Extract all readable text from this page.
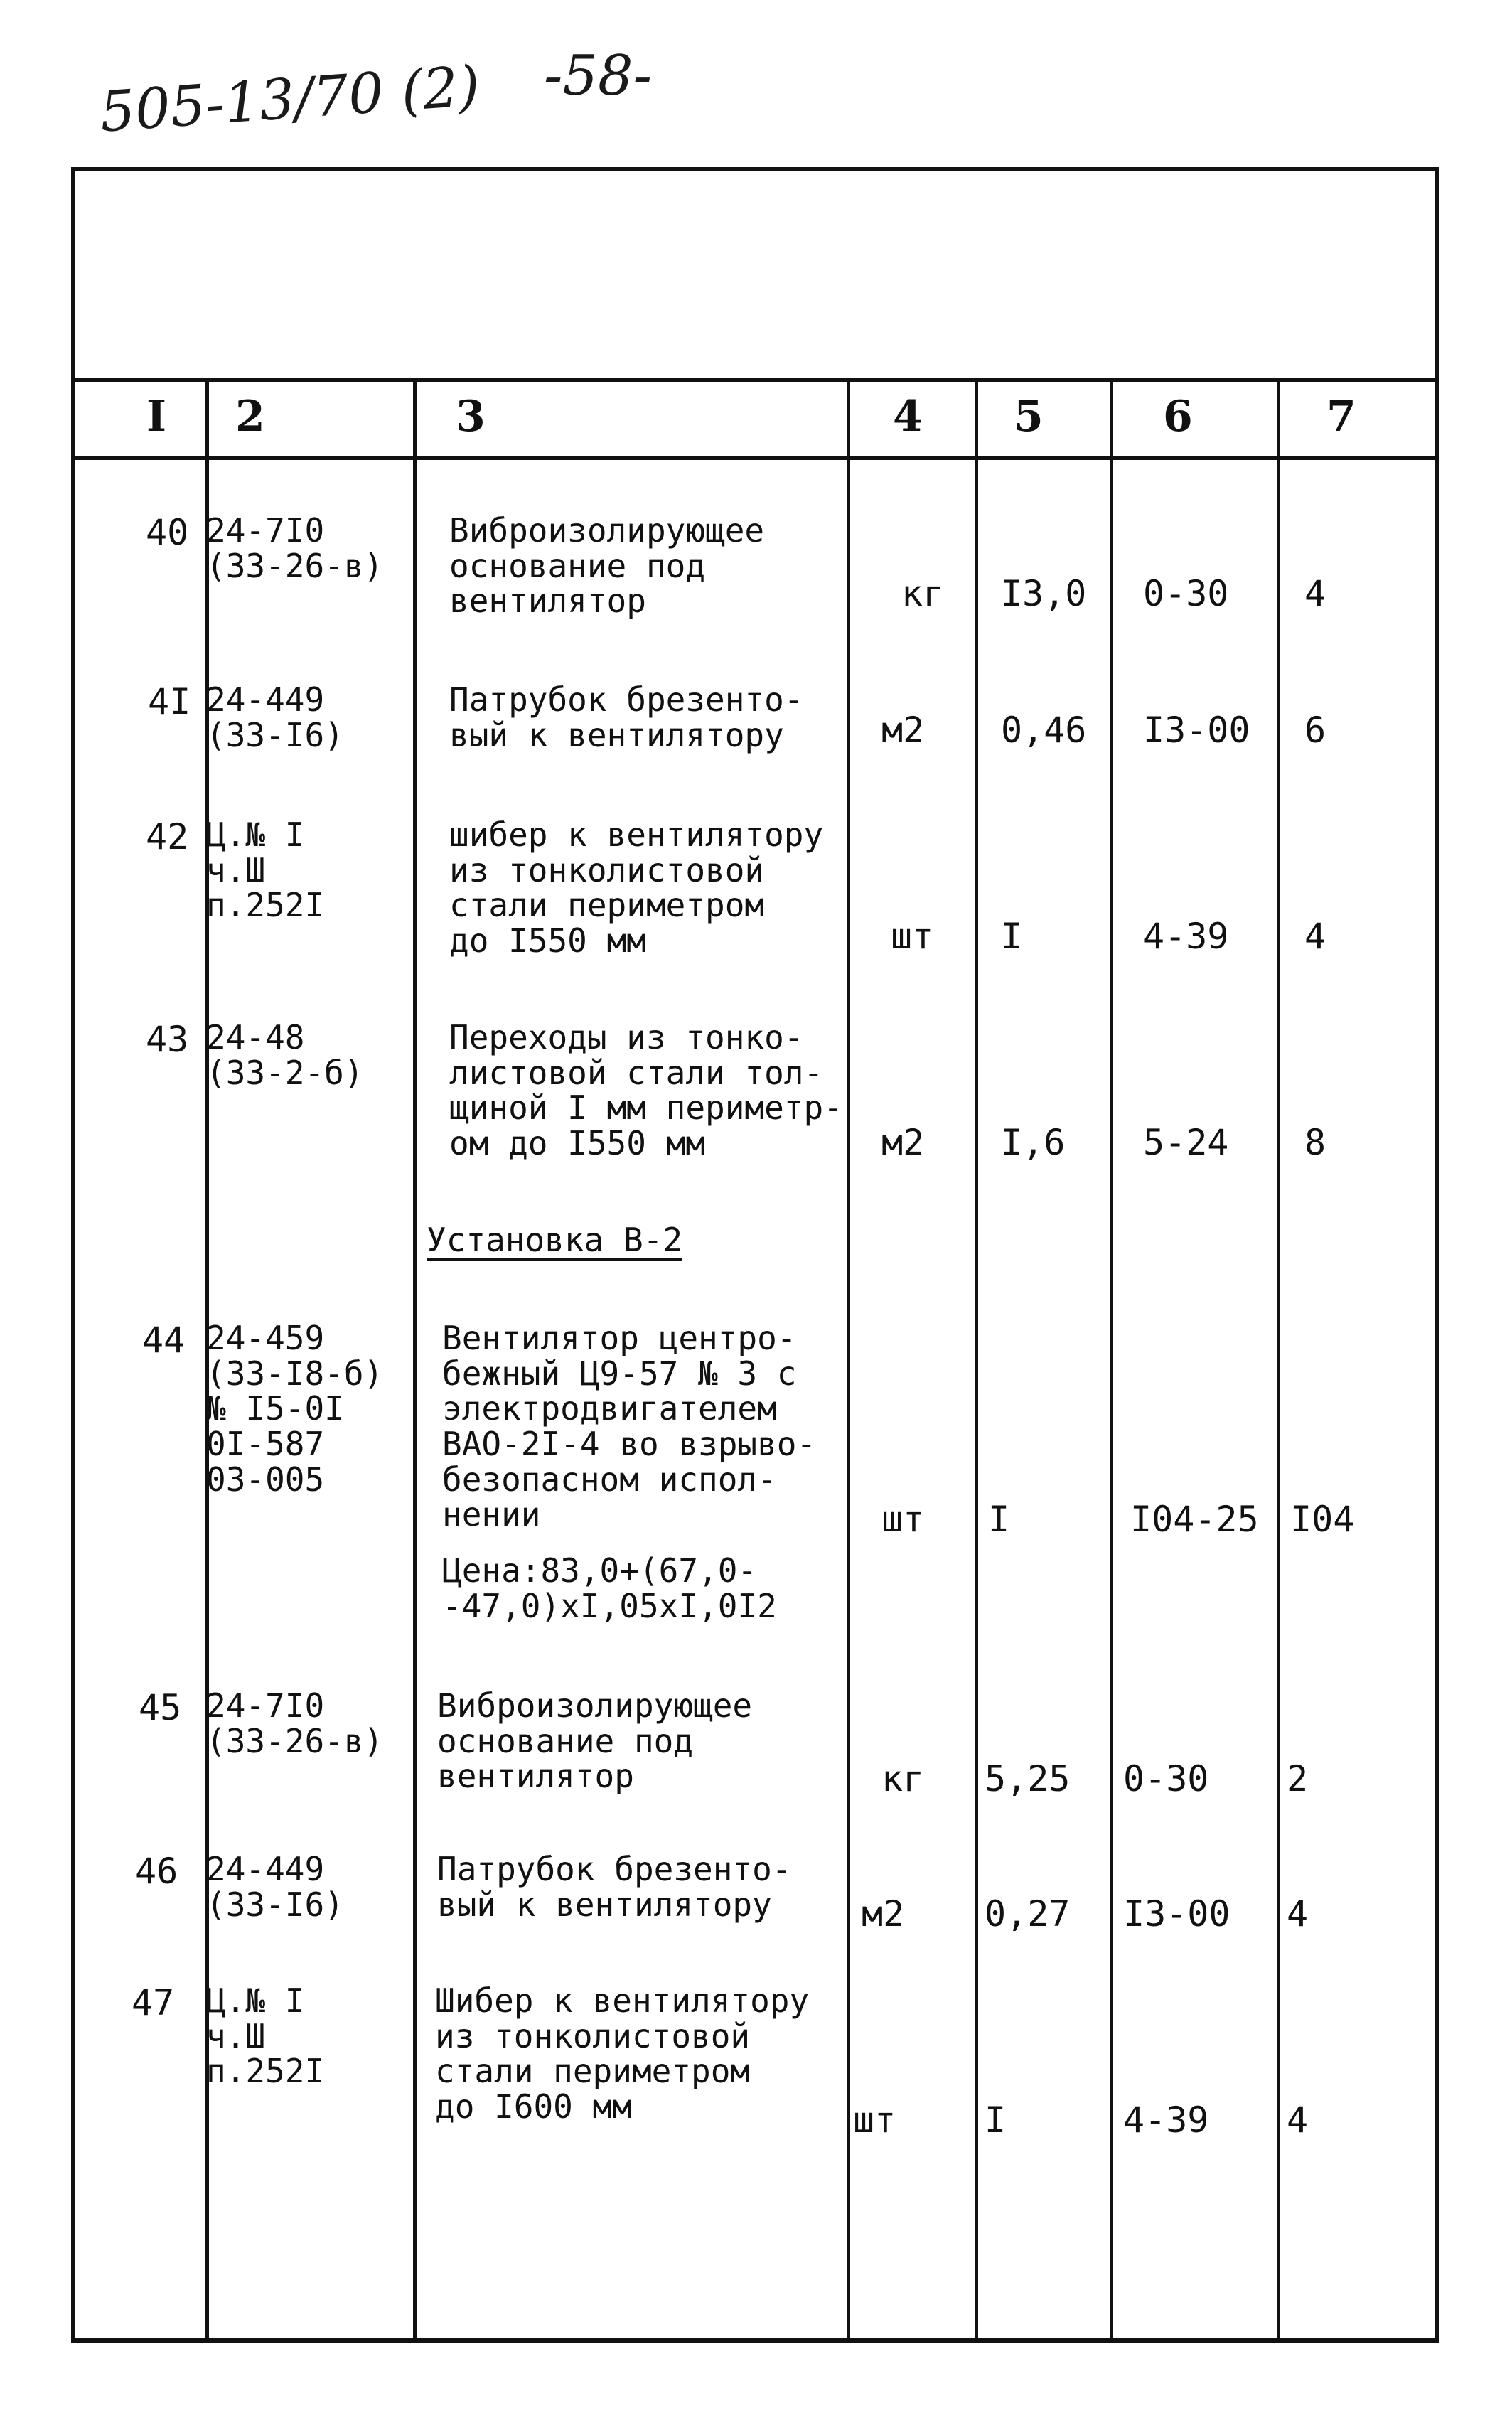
505-13/70 (2) -58-
I 2	3	4 5	6	7
40 24-7I0
(33-26-в)
Виброизолирующее
основание под
вентилятор	кг I3,0 0-30 4
4I 24-449
(33-I6)
Патрубок брезенто-
вый к вентилятору	м2 0,46 I3-00 6
42 Ц.№ I
ч.Ш
п.252I
шибер к вентилятору
из тонколистовой
стали периметром
до I550 мм	шт I	4-39 4
43 24-48
(33-2-б)
Переходы из тонко-
листовой стали тол-
щиной I мм периметр-
ом до I550 мм	м2 I,6 5-24 8
Установка В-2
44 24-459
(33-I8-б)
№ I5-0I
0I-587
03-005
Вентилятор центро-
бежный Ц9-57 № 3 с
электродвигателем
ВАО-2I-4 во взрыво-
безопасном испол-
нении	шт I	I04-25 I04
Цена:83,0+(67,0-
-47,0)хI,05хI,0I2
45 24-7I0
(33-26-в)
Виброизолирующее
основание под
вентилятор	кг 5,25 0-30 2
46 24-449
(33-I6)
Патрубок брезенто-
вый к вентилятору	м2 0,27 I3-00 4
47 Ц.№ I
ч.Ш
п.252I
Шибер к вентилятору
из тонколистовой
стали периметром
до I600 мм	шт I	4-39 4
